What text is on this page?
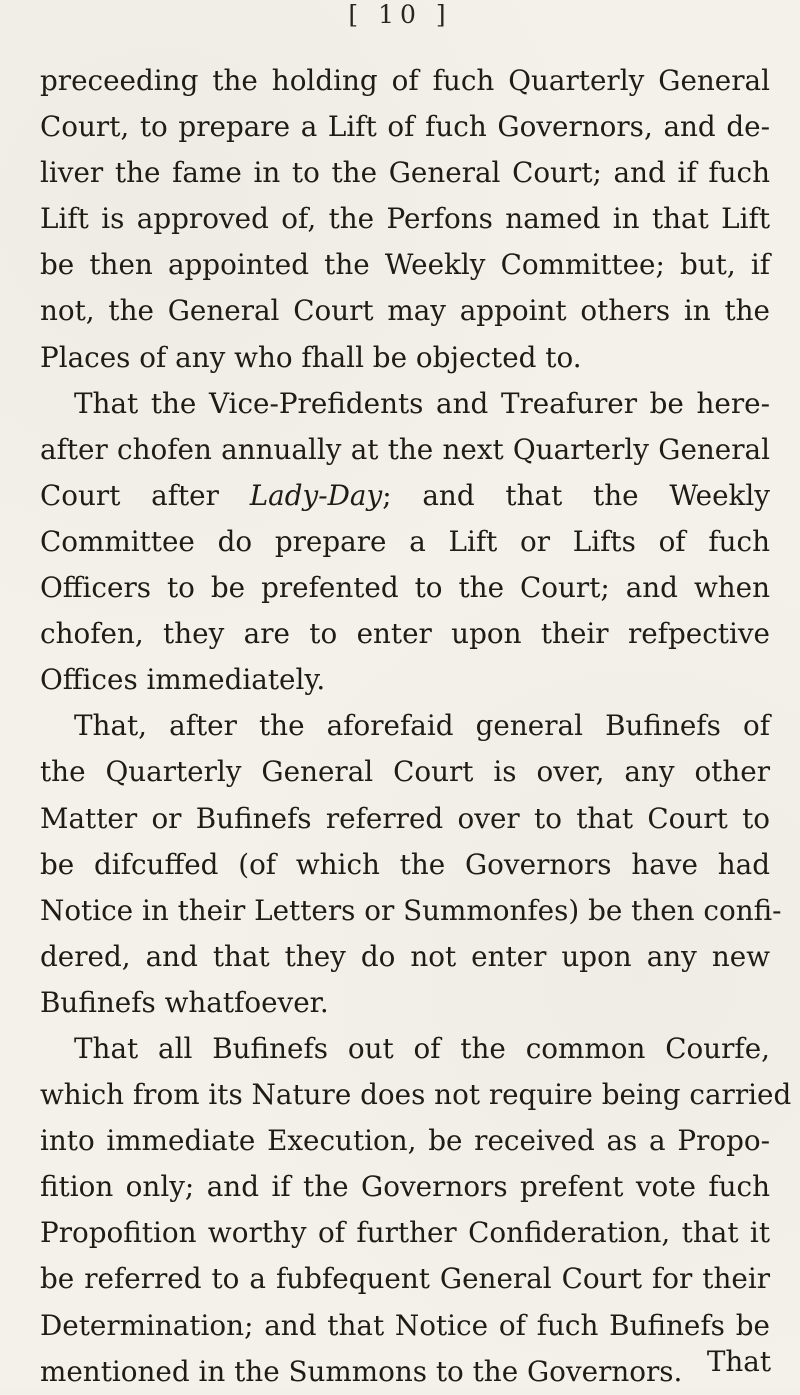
[ 10 ]
preceeding the holding of fuch Quarterly General
Court, to prepare a Lift of fuch Governors, and de-
liver the fame in to the General Court; and if fuch
Lift is approved of, the Perfons named in that Lift
be then appointed the Weekly Committee; but, if
not, the General Court may appoint others in the
Places of any who fhall be objected to.
That the Vice-Prefidents and Treafurer be here-
after chofen annually at the next Quarterly General
Court after Lady-Day; and that the Weekly
Committee do prepare a Lift or Lifts of fuch
Officers to be prefented to the Court; and when
chofen, they are to enter upon their refpective
Offices immediately.
That, after the aforefaid general Bufinefs of
the Quarterly General Court is over, any other
Matter or Bufinefs referred over to that Court to
be difcuffed (of which the Governors have had
Notice in their Letters or Summonfes) be then confi-
dered, and that they do not enter upon any new
Bufinefs whatfoever.
That all Bufinefs out of the common Courfe,
which from its Nature does not require being carried
into immediate Execution, be received as a Propo-
fition only; and if the Governors prefent vote fuch
Propofition worthy of further Confideration, that it
be referred to a fubfequent General Court for their
Determination; and that Notice of fuch Bufinefs be
mentioned in the Summons to the Governors. That
